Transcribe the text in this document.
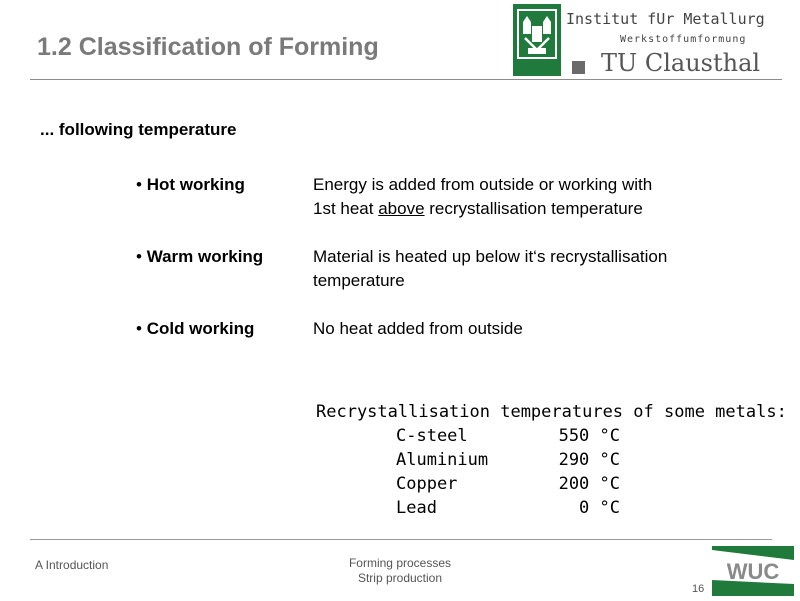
1.2 Classification of Forming
Institut fUr Metallurg
Werkstoffumformung
TU Clausthal
... following temperature
• Hot working	Energy is added from outside or working with
1st heat above recrystallisation temperature
• Warm working	Material is heated up below it‘s recrystallisation
temperature
• Cold working	No heat added from outside
Recrystallisation temperatures of some metals:
C-steel	550 °C
Aluminium	290 °C
Copper	200 °C
Lead	0 °C
A Introduction	Forming processes
Strip production
16
WUC
